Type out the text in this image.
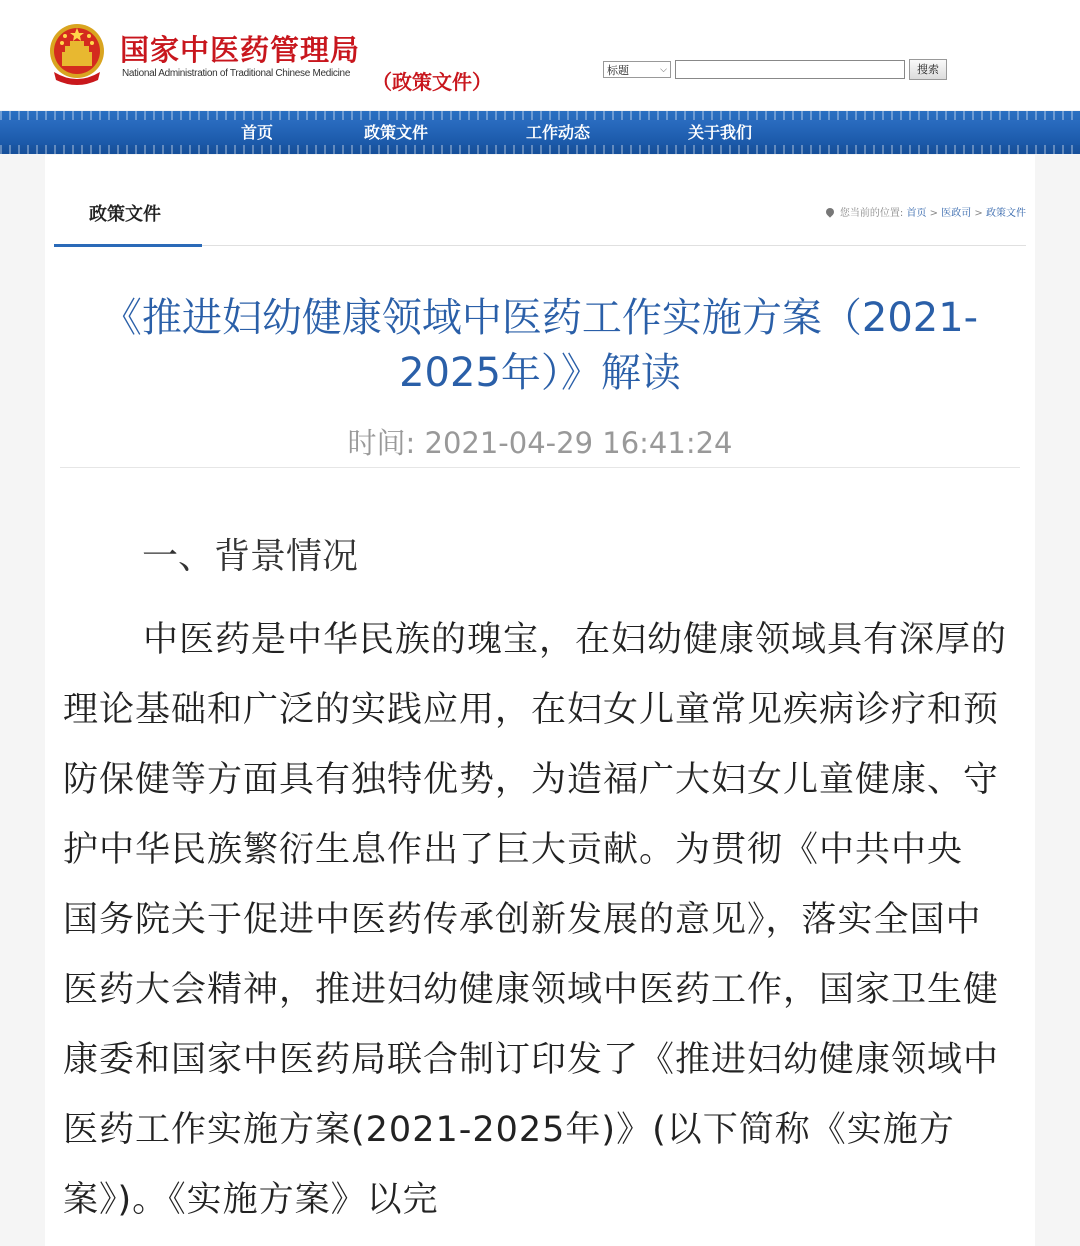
国家中医药管理局
National Administration of Traditional Chinese Medicine （政策文件）	标题	⌵	搜索
首页	政策文件	工作动态	关于我们
政策文件	您当前的位置: 首页 > 医政司 > 政策文件
《推进妇幼健康领域中医药工作实施方案（2021-2025年）》解读
时间: 2021-04-29 16:41:24
一、背景情况

中医药是中华民族的瑰宝，在妇幼健康领域具有深厚的理论基础和广泛的实践应用，在妇女儿童常见疾病诊疗和预防保健等方面具有独特优势，为造福广大妇女儿童健康、守护中华民族繁衍生息作出了巨大贡献。为贯彻《中共中央 国务院关于促进中医药传承创新发展的意见》，落实全国中医药大会精神，推进妇幼健康领域中医药工作，国家卫生健康委和国家中医药局联合制订印发了《推进妇幼健康领域中医药工作实施方案(2021-2025年)》(以下简称《实施方案》)。《实施方案》以完
